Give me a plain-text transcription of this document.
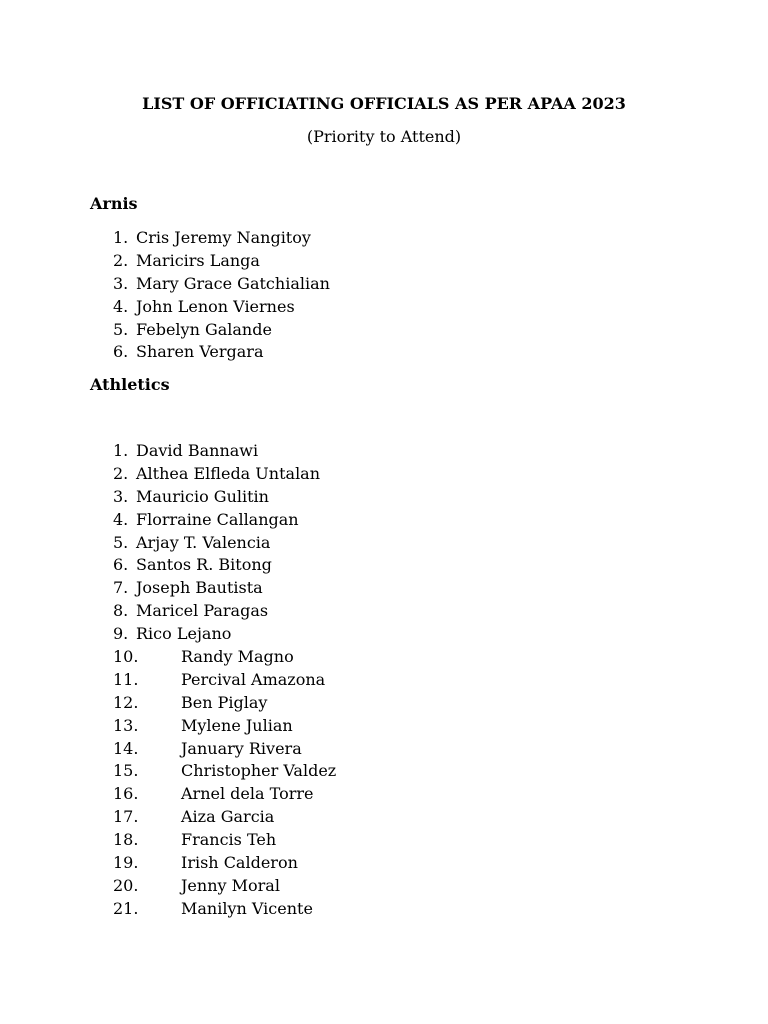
LIST OF OFFICIATING OFFICIALS AS PER APAA 2023
(Priority to Attend)
Arnis
1. Cris Jeremy Nangitoy
2. Maricirs Langa
3. Mary Grace Gatchialian
4. John Lenon Viernes
5. Febelyn Galande
6. Sharen Vergara
Athletics
1. David Bannawi
2. Althea Elfleda Untalan
3. Mauricio Gulitin
4. Florraine Callangan
5. Arjay T. Valencia
6. Santos R. Bitong
7. Joseph Bautista
8. Maricel Paragas
9. Rico Lejano
10.	Randy Magno
11.	Percival Amazona
12.	Ben Piglay
13.	Mylene Julian
14.	January Rivera
15.	Christopher Valdez
16.	Arnel dela Torre
17.	Aiza Garcia
18.	Francis Teh
19.	Irish Calderon
20.	Jenny Moral
21.	Manilyn Vicente
